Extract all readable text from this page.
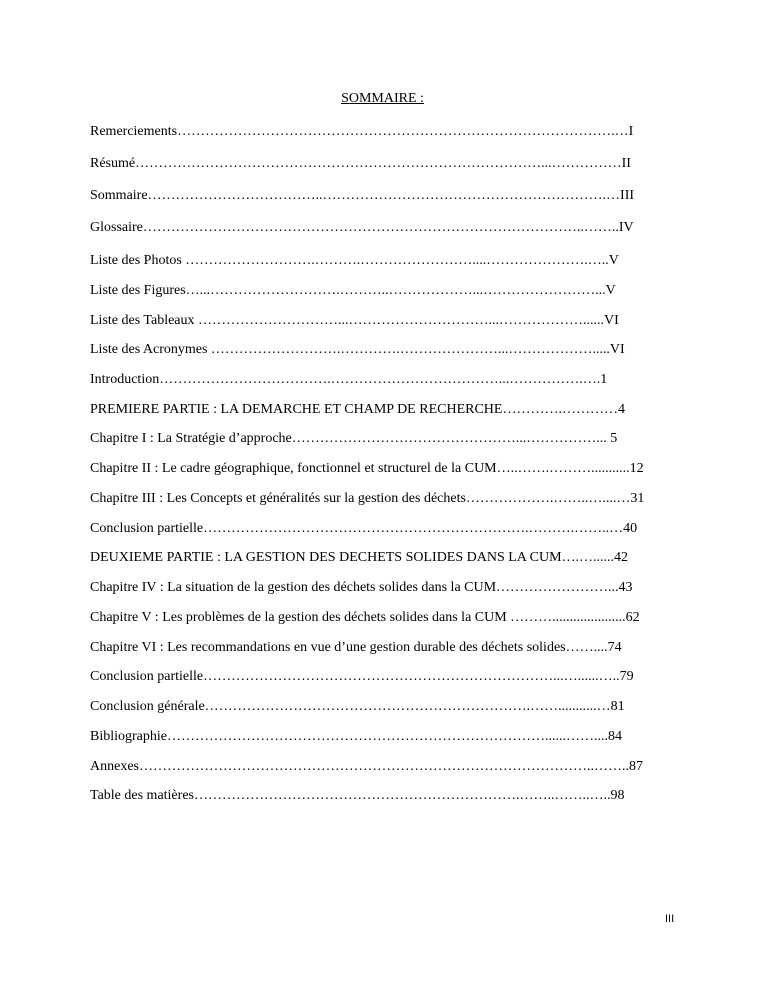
SOMMAIRE :
Remerciements………………………………………………………………………………….…I
Résumé……………………………………………………………………………...……………II
Sommaire………………………………..…………………………………………………….…III
Glossaire…………………………………………………………………………………..……..IV
Liste des Photos ……………………….……….……………………....………………….…..V
Liste des Figures…...……………………….………..………………...……………………...V
Liste des Tableaux …………………………...…………………………...………………......VI
Liste des Acronymes ……………………….………….…………………...……………….....VI
Introduction……………………………….………………………………...…………….….1
PREMIERE PARTIE : LA DEMARCHE ET CHAMP DE RECHERCHE………….…………4
Chapitre I : La Stratégie d’approche…………………………………………...……………... 5
Chapitre II : Le cadre géographique, fonctionnel et structurel de la CUM…..…….………...........12
Chapitre III : Les Concepts et généralités sur la gestion des déchets……………….……..…....…31
Conclusion partielle…………………………………………………………….……….……..…40
DEUXIEME PARTIE : LA GESTION DES DECHETS SOLIDES DANS LA CUM….…......42
Chapitre IV : La situation de la gestion des déchets solides dans la CUM……………………...43
Chapitre V : Les problèmes de la gestion des déchets solides dans la CUM ……….....................62
Chapitre VI : Les recommandations en vue d’une gestion durable des déchets solides……....74
Conclusion partielle…………………………………………………………………...…......…..79
Conclusion générale…………………………………………………………….……...........…81
Bibliographie………………………………………………………………………......……....84
Annexes……………………………………………………………………………………..……..87
Table des matières…………………………………………………………….……..……..…..98
III
